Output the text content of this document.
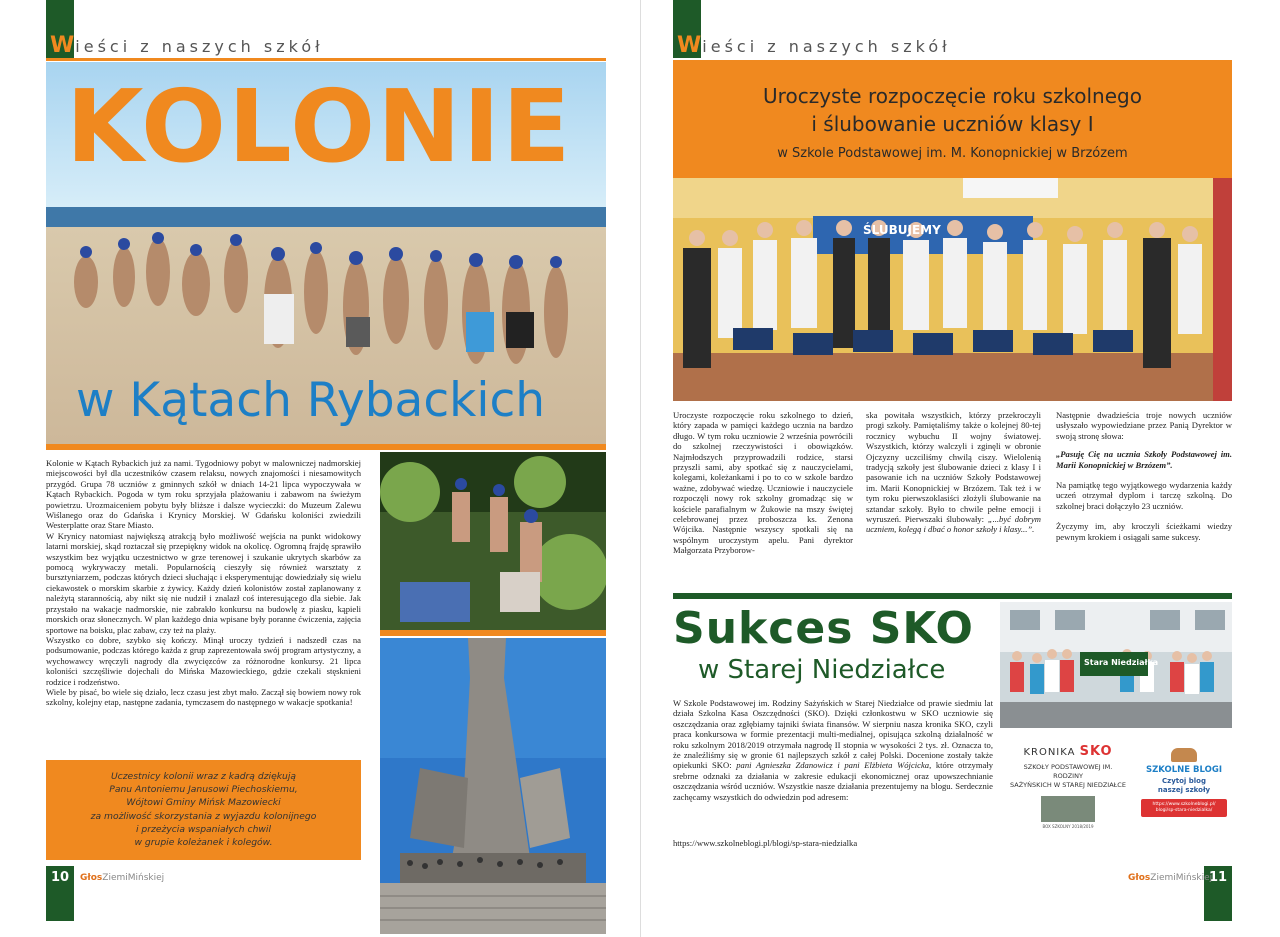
Wieści z naszych szkół
KOLONIE
w Kątach Rybackich

Kolonie w Kątach Rybackich już za nami. Tygodniowy pobyt w malowniczej nadmorskiej miejscowości był dla uczestników czasem relaksu, nowych znajomości i niesamowitych przygód. Grupa 78 uczniów z gminnych szkół w dniach 14-21 lipca wypoczywała w Kątach Rybackich. Pogoda w tym roku sprzyjała plażowaniu i zabawom na świeżym powietrzu. Urozmaiceniem pobytu były bliższe i dalsze wycieczki: do Muzeum Zalewu Wiślanego oraz do Gdańska i Krynicy Morskiej. W Gdańsku koloniści zwiedzili Westerplatte oraz Stare Miasto.

W Krynicy natomiast największą atrakcją było możliwość wejścia na punkt widokowy latarni morskiej, skąd roztaczał się przepiękny widok na okolicę. Ogromną frajdę sprawiło wszystkim bez wyjątku uczestnictwo w grze terenowej i szukanie ukrytych skarbów za pomocą wykrywaczy metali. Popularnością cieszyły się również warsztaty z bursztyniarzem, podczas których dzieci słuchając i eksperymentując dowiedziały się wielu ciekawostek o morskim skarbie z żywicy. Każdy dzień kolonistów został zaplanowany z należytą starannością, aby nikt się nie nudził i znalazł coś interesującego dla siebie. Jak przystało na wakacje nadmorskie, nie zabrakło konkursu na budowlę z piasku, kąpieli morskich oraz słonecznych. W plan każdego dnia wpisane były poranne ćwiczenia, zajęcia sportowe na boisku, plac zabaw, czy też na plaży.

Wszystko co dobre, szybko się kończy. Minął uroczy tydzień i nadszedł czas na podsumowanie, podczas którego każda z grup zaprezentowała swój program artystyczny, a wychowawcy wręczyli nagrody dla zwycięzców za różnorodne konkursy. 21 lipca koloniści szczęśliwie dojechali do Mińska Mazowieckiego, gdzie czekali stęsknieni rodzice i rodzeństwo.

Wiele by pisać, bo wiele się działo, lecz czasu jest zbyt mało. Zaczął się bowiem nowy rok szkolny, kolejny etap, następne zadania, tymczasem do następnego w wakacje spotkania!

Uczestnicy kolonii wraz z kadrą dziękują
Panu Antoniemu Janusowi Piechoskiemu,
Wójtowi Gminy Mińsk Mazowiecki
za możliwość skorzystania z wyjazdu kolonijnego
i przeżycia wspaniałych chwil
w grupie koleżanek i kolegów.
10	GłosZiemiMińskiej
Wieści z naszych szkół
Uroczyste rozpoczęcie roku szkolnego
i ślubowanie uczniów klasy I
w Szkole Podstawowej im. M. Konopnickiej w Brzózem
ŚLUBUJEMY
Uroczyste rozpoczęcie roku szkolnego to dzień, który zapada w pamięci każdego ucznia na bardzo długo. W tym roku uczniowie 2 września powrócili do szkolnej rzeczywistości i obowiązków. Najmłodszych przyprowadzili rodzice, starsi przyszli sami, aby spotkać się z nauczycielami, kolegami, koleżankami i po to co w szkole bardzo ważne, zdobywać wiedzę. Uczniowie i nauczyciele rozpoczęli nowy rok szkolny gromadząc się w kościele parafialnym w Żukowie na mszy świętej celebrowanej przez proboszcza ks. Zenona Wójcika. Następnie wszyscy spotkali się na wspólnym uroczystym apelu. Pani dyrektor Małgorzata Przyborow-
ska powitała wszystkich, którzy przekroczyli progi szkoły. Pamiętaliśmy także o kolejnej 80-tej rocznicy wybuchu II wojny światowej. Wszystkich, którzy walczyli i zginęli w obronie Ojczyzny uczciliśmy chwilą ciszy. Wielolenią tradycją szkoły jest ślubowanie dzieci z klasy I i pasowanie ich na uczniów Szkoły Podstawowej im. Marii Konopnickiej w Brzózem. Tak też i w tym roku pierwszoklasiści złożyli ślubowanie na sztandar szkoły. Było to chwile pełne emocji i wyruszeń. Pierwszaki ślubowały: „...być dobrym uczniem, kolegą i dbać o honor szkoły i klasy...”.

Następnie dwadzieścia troje nowych uczniów usłyszało wypowiedziane przez Panią Dyrektor w swoją stronę słowa:

„Pasuję Cię na ucznia Szkoły Podstawowej im. Marii Konopnickiej w Brzózem”.

Na pamiątkę tego wyjątkowego wydarzenia każdy uczeń otrzymał dyplom i tarczę szkolną. Do szkolnej braci dołączyło 23 uczniów.

Życzymy im, aby kroczyli ścieżkami wiedzy pewnym krokiem i osiągali same sukcesy.

Sukces SKO
w Starej Niedziałce	Stara Niedziałka
W Szkole Podstawowej im. Rodziny Sażyńskich w Starej Niedziałce od prawie siedmiu lat działa Szkolna Kasa Oszczędności (SKO). Dzięki członkostwu w SKO uczniowie się oszczędzania oraz zgłębiamy tajniki świata finansów. W sierpniu nasza kronika SKO, czyli praca konkursowa w formie prezentacji multi-medialnej, opisująca szkolną działalność w roku szkolnym 2018/2019 otrzymała nagrodę II stopnia w wysokości 2 tys. zł. Oznacza to, że znaleźliśmy się w gronie 61 najlepszych szkół z całej Polski. Docenione zostały także opiekunki SKO: pani Agnieszka Zdanowicz i pani Elżbieta Wójcicka, które otrzymały srebrne odznaki za działania w zakresie edukacji ekonomicznej oraz upowszechnianie oszczędzania wśród uczniów. Wszystkie nasze działania prezentujemy na blogu. Serdecznie zachęcamy wszystkich do odwiedzin pod adresem:
https://www.szkolneblogi.pl/blogi/sp-stara-niedzialka
KRONIKA SKO
SZKOŁY PODSTAWOWEJ IM. RODZINY
SAŻYŃSKICH W STAREJ NIEDZIAŁCE
BOX SZKOLNY 2018/2019
SZKOLNE BLOGI
Czytoj blog
naszej szkoły
https://www.szkolneblogi.pl/ blogi/sp-stara-niedzialka/
11
GłosZiemiMińskiej
